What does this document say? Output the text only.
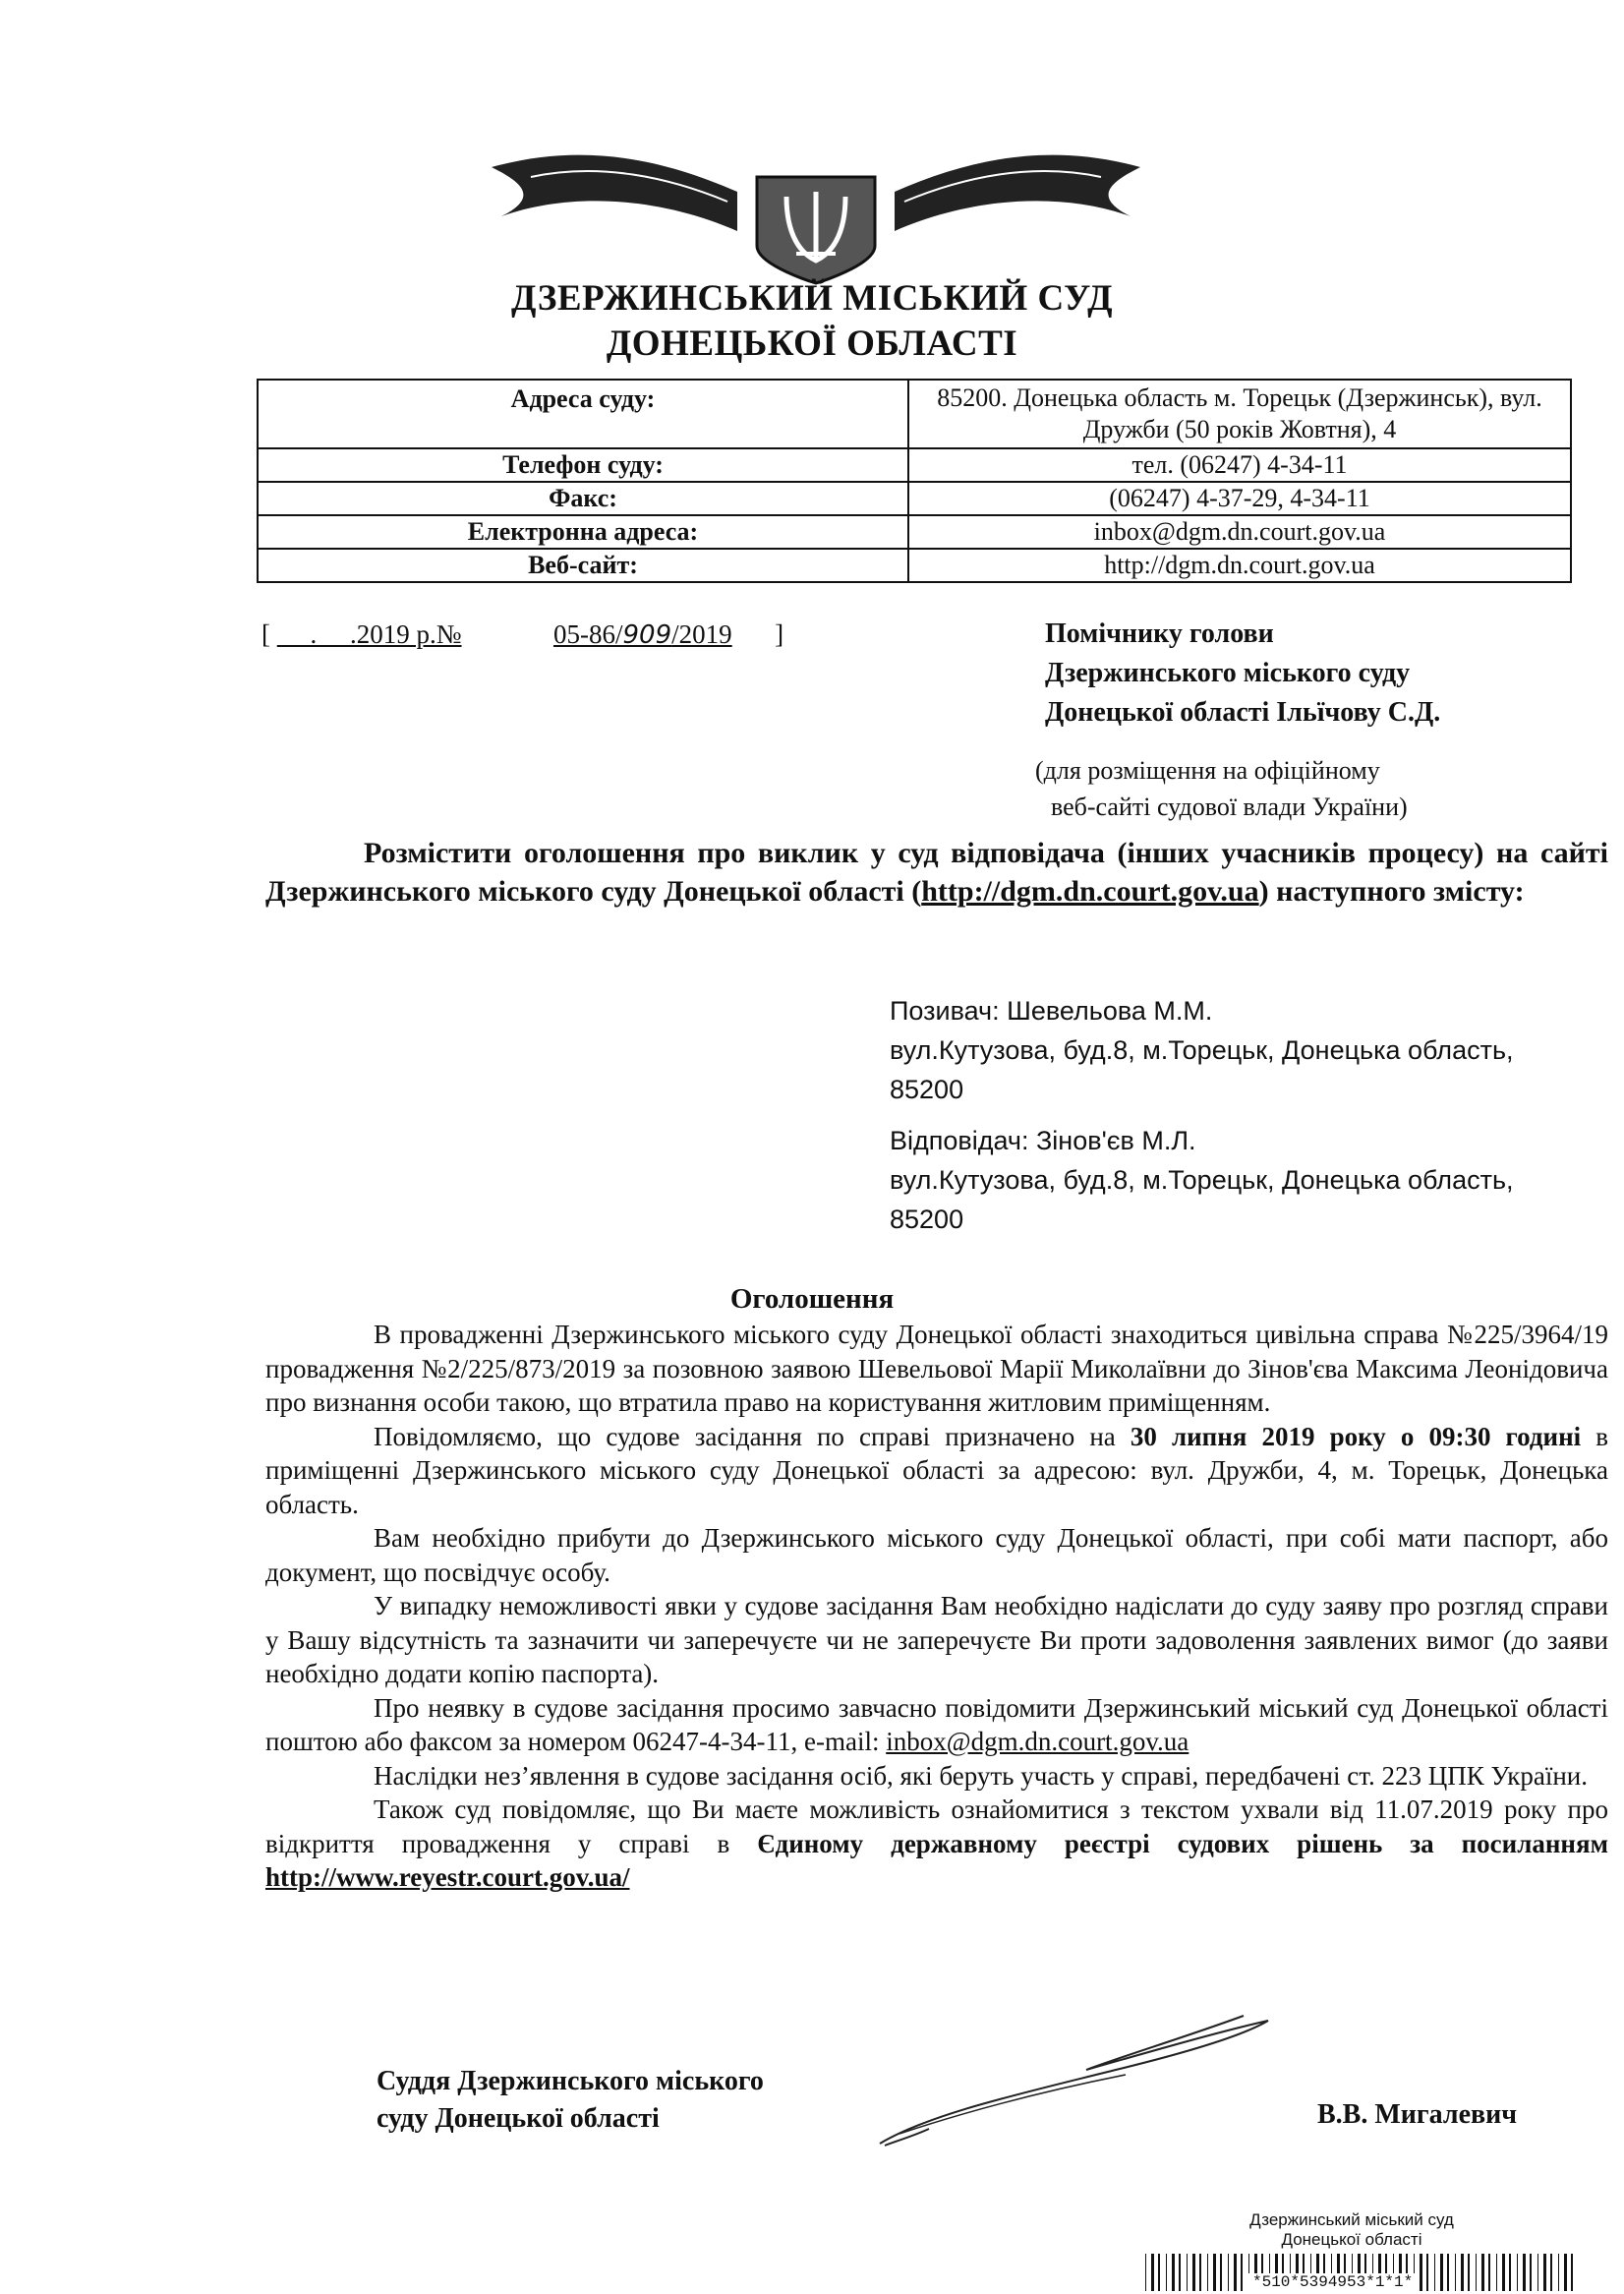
ДЗЕРЖИНСЬКИЙ МІСЬКИЙ СУД
ДОНЕЦЬКОЇ ОБЛАСТІ
Адреса суду:	85200. Донецька область м. Торецьк (Дзержинськ), вул. Дружби (50 років Жовтня), 4
Телефон суду:	тел. (06247) 4-34-11
Факс:	(06247) 4-37-29, 4-34-11
Електронна адреса:	inbox@dgm.dn.court.gov.ua
Веб-сайт:	http://dgm.dn.court.gov.ua
[      .     .2019 р.№	05-86/909/2019 ]	Помічнику голови
Дзержинського міського суду
Донецької області Ільїчову С.Д.
(для розміщення на офіційному
веб-сайті судової влади України)
Розмістити оголошення про виклик у суд відповідача (інших учасників процесу) на сайті Дзержинського міського суду Донецької області (http://dgm.dn.court.gov.ua) наступного змісту:
Позивач: Шевельова М.М.
вул.Кутузова, буд.8, м.Торецьк, Донецька область,
85200
Відповідач: Зінов'єв М.Л.
вул.Кутузова, буд.8, м.Торецьк, Донецька область,
85200
Оголошення

В провадженні Дзержинського міського суду Донецької області знаходиться цивільна справа №225/3964/19 провадження №2/225/873/2019 за позовною заявою Шевельової Марії Миколаївни до Зінов'єва Максима Леонідовича про визнання особи такою, що втратила право на користування житловим приміщенням.

Повідомляємо, що судове засідання по справі призначено на 30 липня 2019 року о 09:30 годині в приміщенні Дзержинського міського суду Донецької області за адресою: вул. Дружби, 4, м. Торецьк, Донецька область.

Вам необхідно прибути до Дзержинського міського суду Донецької області, при собі мати паспорт, або документ, що посвідчує особу.

У випадку неможливості явки у судове засідання Вам необхідно надіслати до суду заяву про розгляд справи у Вашу відсутність та зазначити чи заперечуєте чи не заперечуєте Ви проти задоволення заявлених вимог (до заяви необхідно додати копію паспорта).

Про неявку в судове засідання просимо завчасно повідомити Дзержинський міський суд Донецької області поштою або факсом за номером 06247-4-34-11, e-mail: inbox@dgm.dn.court.gov.ua

Наслідки нез’явлення в судове засідання осіб, які беруть участь у справі, передбачені ст. 223 ЦПК України.

Також суд повідомляє, що Ви маєте можливість ознайомитися з текстом ухвали від 11.07.2019 року про відкриття провадження у справі в Єдиному державному реєстрі судових рішень за посиланням http://www.reyestr.court.gov.ua/

Суддя Дзержинського міського
суду Донецької області	В.В. Мигалевич
Дзержинський міський суд
Донецької області
*510*5394953*1*1*
